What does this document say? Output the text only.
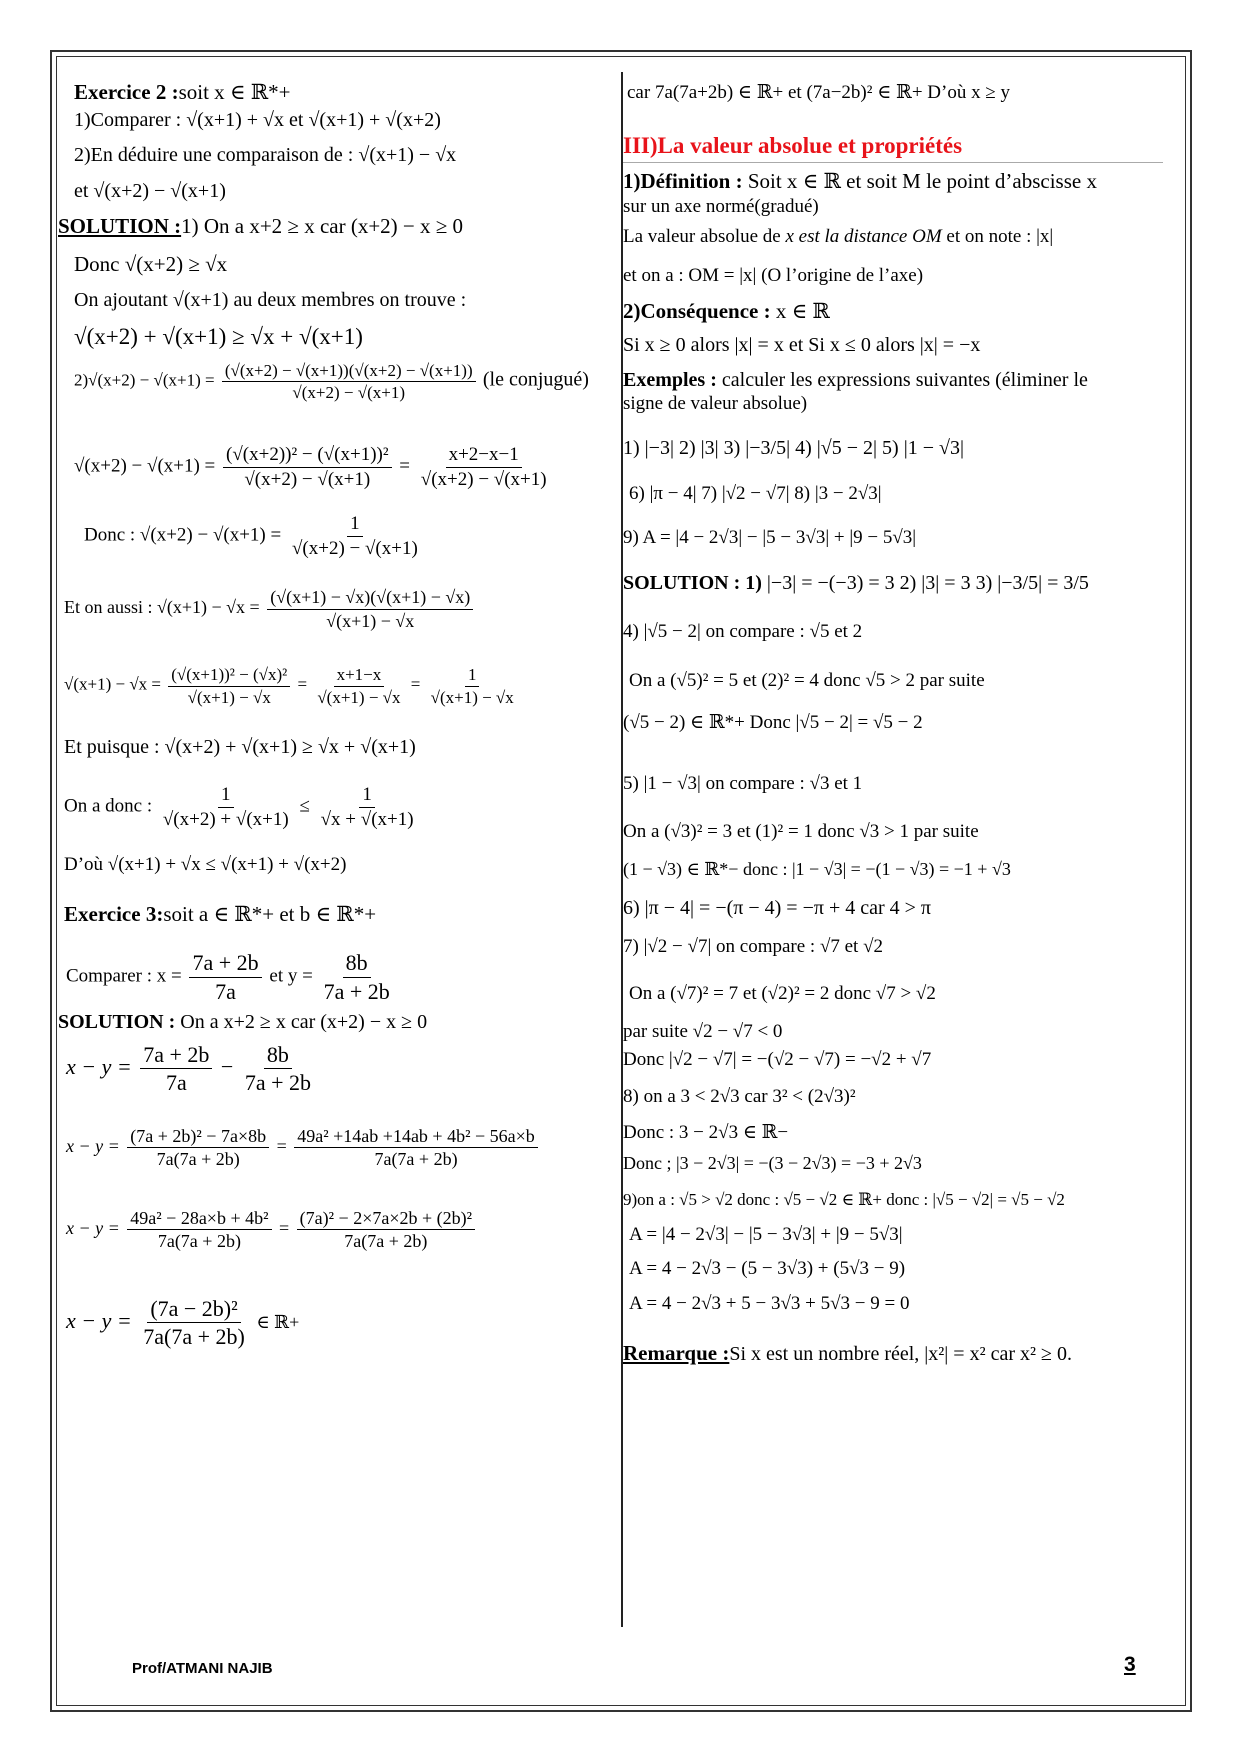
Exercice 2 :soit x ∈ ℝ*+

1)Comparer : √(x+1) + √x et √(x+1) + √(x+2)

2)En déduire une comparaison de : √(x+1) − √x

et √(x+2) − √(x+1)

SOLUTION :1) On a x+2 ≥ x car (x+2) − x ≥ 0

Donc √(x+2) ≥ √x

On ajoutant √(x+1) au deux membres on trouve :

√(x+2) + √(x+1) ≥ √x + √(x+1)

$2)√(x+2) - √(x+1) = \frac{(√(x+2) - √(x+1))(√(x+2) - √(x+1))}{√(x+2) - √(x+1)} (le$ conjugué)
$√(x+2) - √(x+1) = \frac{\text{(√(x+2))² − (√(x+1))²}}{√(x+2) - √(x+1)} = \frac{x+2-x-1}{√(x+2) - √(x+1)}$
Donc : $√(x+2) - √(x+1) = \frac{1}{√(x+2) - √(x+1)}$
Et on aussi : $√(x+1) - √x = \frac{(√(x+1) - √x)(√(x+1) - √x)}{√(x+1) - √x}$
$√(x+1) - √x = \frac{\text{(√(x+1))² − (√x)²}}{√(x+1) - √x} = \frac{x+1-x}{√(x+1) - √x} = \frac{1}{√(x+1) - √x}$

Et puisque : √(x+2) + √(x+1) ≥ √x + √(x+1)

On a donc : $\frac{1}{√(x+2) + √(x+1)} \le \frac{1}{√x + √(x+1)}$

D’où √(x+1) + √x ≤ √(x+1) + √(x+2)

Exercice 3:soit a ∈ ℝ*+ et b ∈ ℝ*+

Comparer : $x = \frac{7a + 2b}{7a}$ et $y = \frac{8b}{7a + 2b}$

SOLUTION : On a x+2 ≥ x car (x+2) − x ≥ 0

$x - y = \frac{7a + 2b}{7a} - \frac{8b}{7a + 2b}$
$x - y = \frac{\text{(7a + 2b)² − 7a×8b}}{7a(7a + 2b)} = \frac{\text{49a² +14ab +14ab + 4b² − 56a×b}}{7a(7a + 2b)}$
$x - y = \frac{\text{49a² − 28a×b + 4b²}}{7a(7a + 2b)} = \frac{\text{(7a)² − 2×7a×2b + (2b)²}}{7a(7a + 2b)}$
$x - y = \frac{\text{(7a − 2b)²}}{7a(7a + 2b)}$ ∈ ℝ+

car 7a(7a+2b) ∈ ℝ+ et (7a−2b)² ∈ ℝ+ D’où x ≥ y

III)La valeur absolue et propriétés

1)Définition : Soit x ∈ ℝ et soit M le point d’abscisse x

sur un axe normé(gradué)

La valeur absolue de x est la distance OM et on note : |x|

et on a : OM = |x| (O l’origine de l’axe)

2)Conséquence : x ∈ ℝ

Si x ≥ 0 alors |x| = x et Si x ≤ 0 alors |x| = −x

Exemples : calculer les expressions suivantes (éliminer le

signe de valeur absolue)

1) |−3| 2) |3| 3) |−3/5| 4) |√5 − 2| 5) |1 − √3|

6) |π − 4| 7) |√2 − √7| 8) |3 − 2√3|

9) A = |4 − 2√3| − |5 − 3√3| + |9 − 5√3|

SOLUTION : 1) |−3| = −(−3) = 3 2) |3| = 3 3) |−3/5| = 3/5

4) |√5 − 2| on compare : √5 et 2

On a (√5)² = 5 et (2)² = 4 donc √5 > 2 par suite

(√5 − 2) ∈ ℝ*+ Donc |√5 − 2| = √5 − 2

5) |1 − √3| on compare : √3 et 1

On a (√3)² = 3 et (1)² = 1 donc √3 > 1 par suite

(1 − √3) ∈ ℝ*− donc : |1 − √3| = −(1 − √3) = −1 + √3

6) |π − 4| = −(π − 4) = −π + 4 car 4 > π

7) |√2 − √7| on compare : √7 et √2

On a (√7)² = 7 et (√2)² = 2 donc √7 > √2

par suite √2 − √7 < 0

Donc |√2 − √7| = −(√2 − √7) = −√2 + √7

8) on a 3 < 2√3 car 3² < (2√3)²

Donc : 3 − 2√3 ∈ ℝ−

Donc ; |3 − 2√3| = −(3 − 2√3) = −3 + 2√3

9)on a : √5 > √2 donc : √5 − √2 ∈ ℝ+ donc : |√5 − √2| = √5 − √2

A = |4 − 2√3| − |5 − 3√3| + |9 − 5√3|

A = 4 − 2√3 − (5 − 3√3) + (5√3 − 9)

A = 4 − 2√3 + 5 − 3√3 + 5√3 − 9 = 0

Remarque :Si x est un nombre réel, |x²| = x² car x² ≥ 0.

Prof/ATMANI NAJIB	3
